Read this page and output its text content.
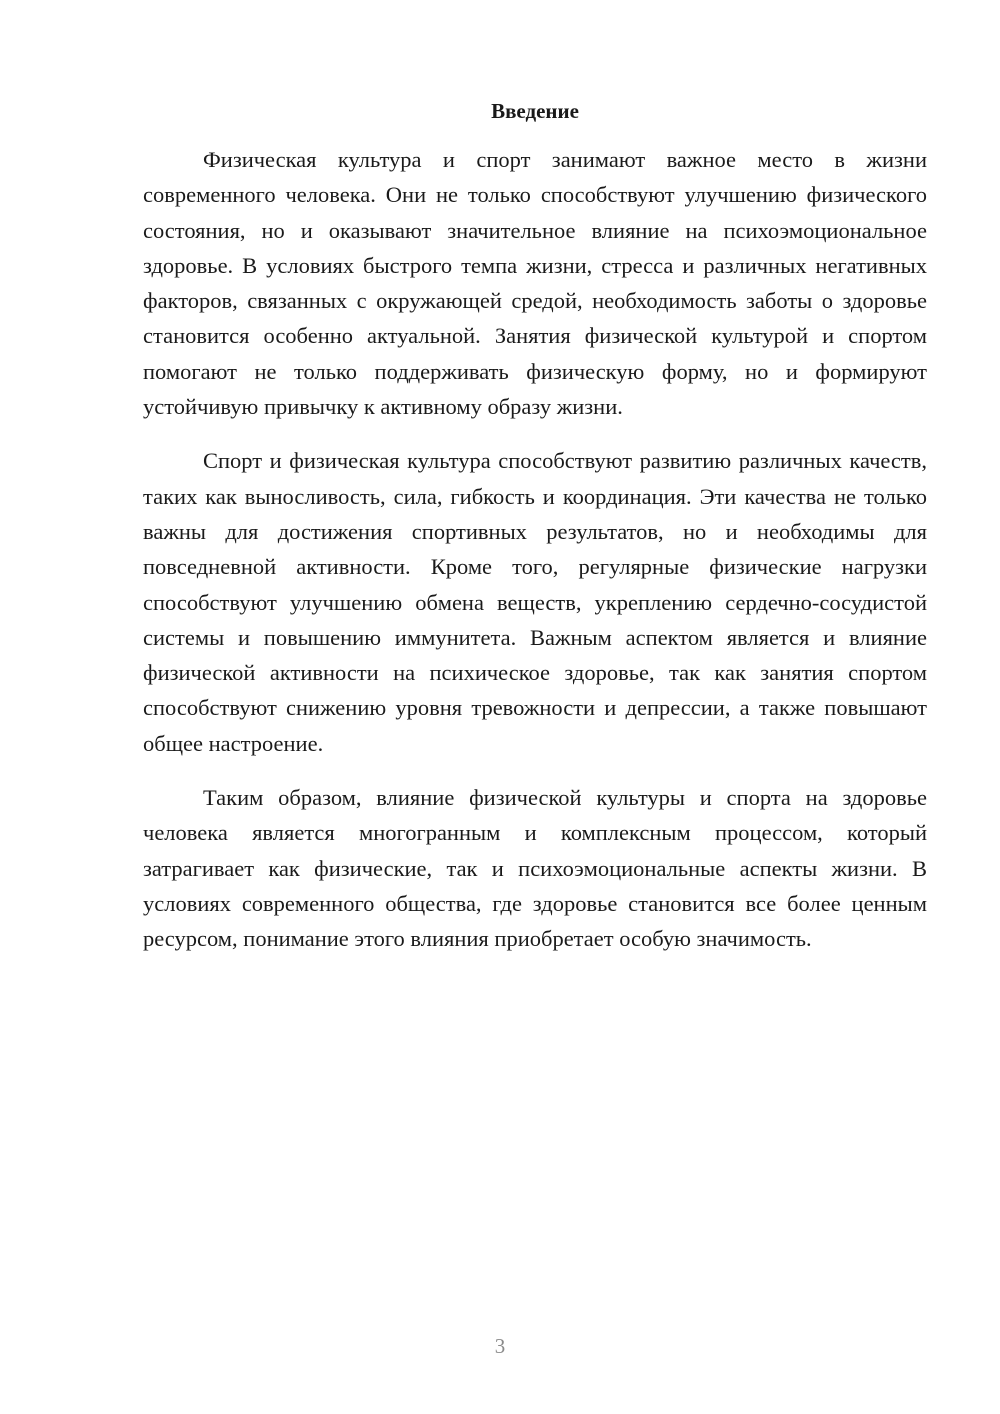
Введение

Физическая культура и спорт занимают важное место в жизни современного человека. Они не только способствуют улучшению физического состояния, но и оказывают значительное влияние на психоэмоциональное здоровье. В условиях быстрого темпа жизни, стресса и различных негативных факторов, связанных с окружающей средой, необходимость заботы о здоровье становится особенно актуальной. Занятия физической культурой и спортом помогают не только поддерживать физическую форму, но и формируют устойчивую привычку к активному образу жизни.

Спорт и физическая культура способствуют развитию различных качеств, таких как выносливость, сила, гибкость и координация. Эти качества не только важны для достижения спортивных результатов, но и необходимы для повседневной активности. Кроме того, регулярные физические нагрузки способствуют улучшению обмена веществ, укреплению сердечно-сосудистой системы и повышению иммунитета. Важным аспектом является и влияние физической активности на психическое здоровье, так как занятия спортом способствуют снижению уровня тревожности и депрессии, а также повышают общее настроение.

Таким образом, влияние физической культуры и спорта на здоровье человека является многогранным и комплексным процессом, который затрагивает как физические, так и психоэмоциональные аспекты жизни. В условиях современного общества, где здоровье становится все более ценным ресурсом, понимание этого влияния приобретает особую значимость.

3
